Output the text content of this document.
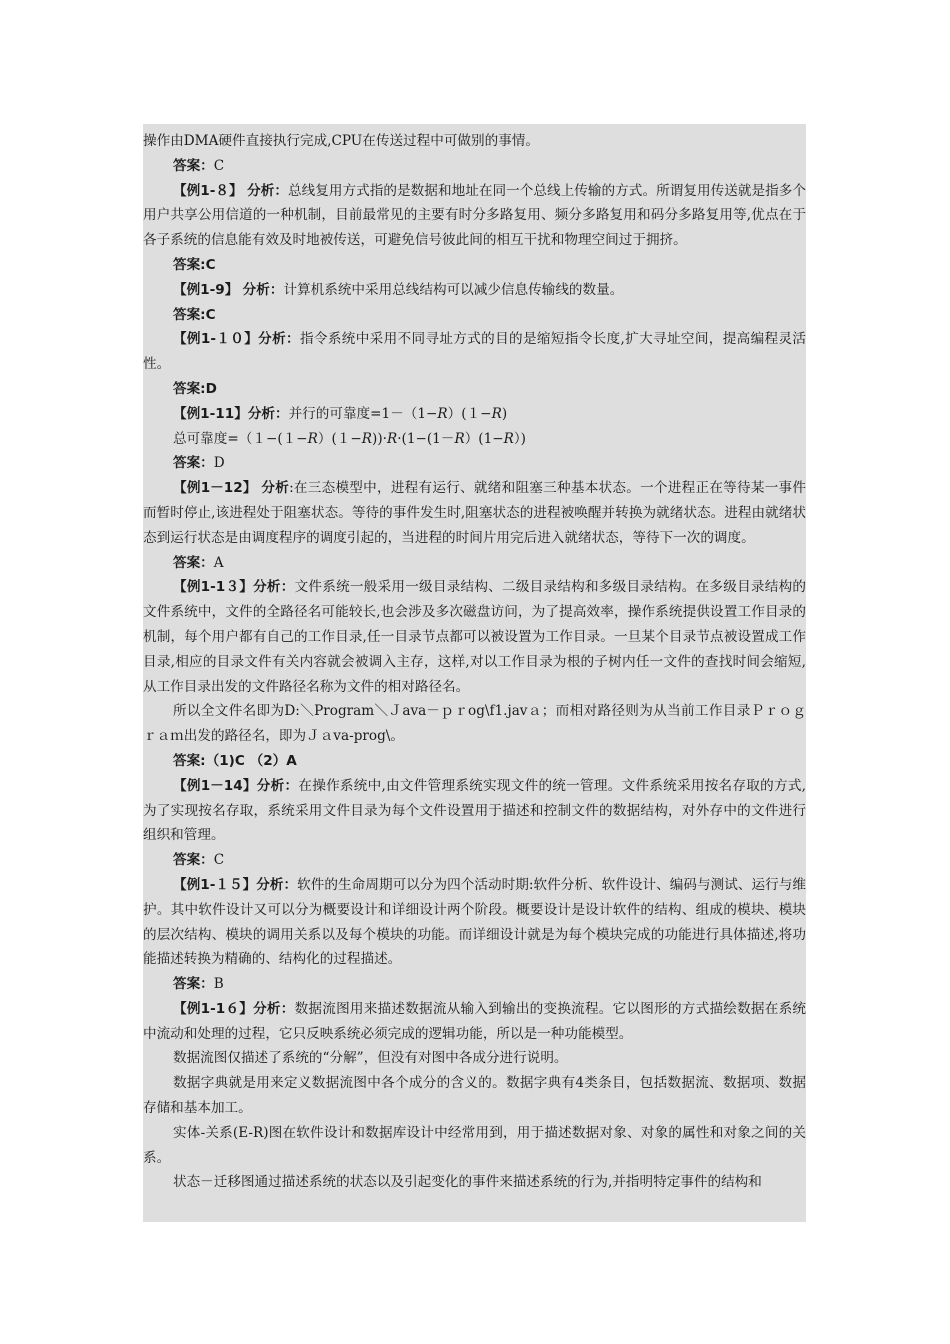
操作由DMA硬件直接执行完成,CPU在传送过程中可做别的事情。

答案：C

【例1-８】 分析：总线复用方式指的是数据和地址在同一个总线上传输的方式。所谓复用传送就是指多个用户共享公用信道的一种机制，目前最常见的主要有时分多路复用、频分多路复用和码分多路复用等,优点在于各子系统的信息能有效及时地被传送，可避免信号彼此间的相互干扰和物理空间过于拥挤。

答案:C

【例1-9】 分析：计算机系统中采用总线结构可以减少信息传输线的数量。

答案:C

【例1-１０】分析：指令系统中采用不同寻址方式的目的是缩短指令长度,扩大寻址空间，提高编程灵活性。

答案:D

【例1-11】分析：并行的可靠度=1－（1−R）(１−R)

总可靠度=（１−(１−R）(１−R))·R·(1−(1－R）(1−R）)

答案：D

【例1－12】 分析:在三态模型中，进程有运行、就绪和阻塞三种基本状态。一个进程正在等待某一事件而暂时停止,该进程处于阻塞状态。等待的事件发生时,阻塞状态的进程被唤醒并转换为就绪状态。进程由就绪状态到运行状态是由调度程序的调度引起的，当进程的时间片用完后进入就绪状态，等待下一次的调度。

答案：A

【例1-1３】分析：文件系统一般采用一级目录结构、二级目录结构和多级目录结构。在多级目录结构的文件系统中，文件的全路径名可能较长,也会涉及多次磁盘访问，为了提高效率，操作系统提供设置工作目录的机制，每个用户都有自己的工作目录,任一目录节点都可以被设置为工作目录。一旦某个目录节点被设置成工作目录,相应的目录文件有关内容就会被调入主存，这样,对以工作目录为根的子树内任一文件的查找时间会缩短,从工作目录出发的文件路径名称为文件的相对路径名。

所以全文件名即为D:＼Program＼Ｊava－ｐｒog\f1.javａ；而相对路径则为从当前工作目录Ｐｒｏｇｒａｍ出发的路径名，即为Ｊａva-prog\。

答案:（1)C （2）A

【例1－14】分析：在操作系统中,由文件管理系统实现文件的统一管理。文件系统采用按名存取的方式,为了实现按名存取，系统采用文件目录为每个文件设置用于描述和控制文件的数据结构，对外存中的文件进行组织和管理。

答案：C

【例1-１５】分析：软件的生命周期可以分为四个活动时期:软件分析、软件设计、编码与测试、运行与维护。其中软件设计又可以分为概要设计和详细设计两个阶段。概要设计是设计软件的结构、组成的模块、模块的层次结构、模块的调用关系以及每个模块的功能。而详细设计就是为每个模块完成的功能进行具体描述,将功能描述转换为精确的、结构化的过程描述。

答案：B

【例1-1６】分析：数据流图用来描述数据流从输入到输出的变换流程。它以图形的方式描绘数据在系统中流动和处理的过程，它只反映系统必须完成的逻辑功能，所以是一种功能模型。

数据流图仅描述了系统的“分解”，但没有对图中各成分进行说明。

数据字典就是用来定义数据流图中各个成分的含义的。数据字典有4类条目，包括数据流、数据项、数据存储和基本加工。

实体-关系(E-R)图在软件设计和数据库设计中经常用到，用于描述数据对象、对象的属性和对象之间的关系。

状态－迁移图通过描述系统的状态以及引起变化的事件来描述系统的行为,并指明特定事件的结构和
